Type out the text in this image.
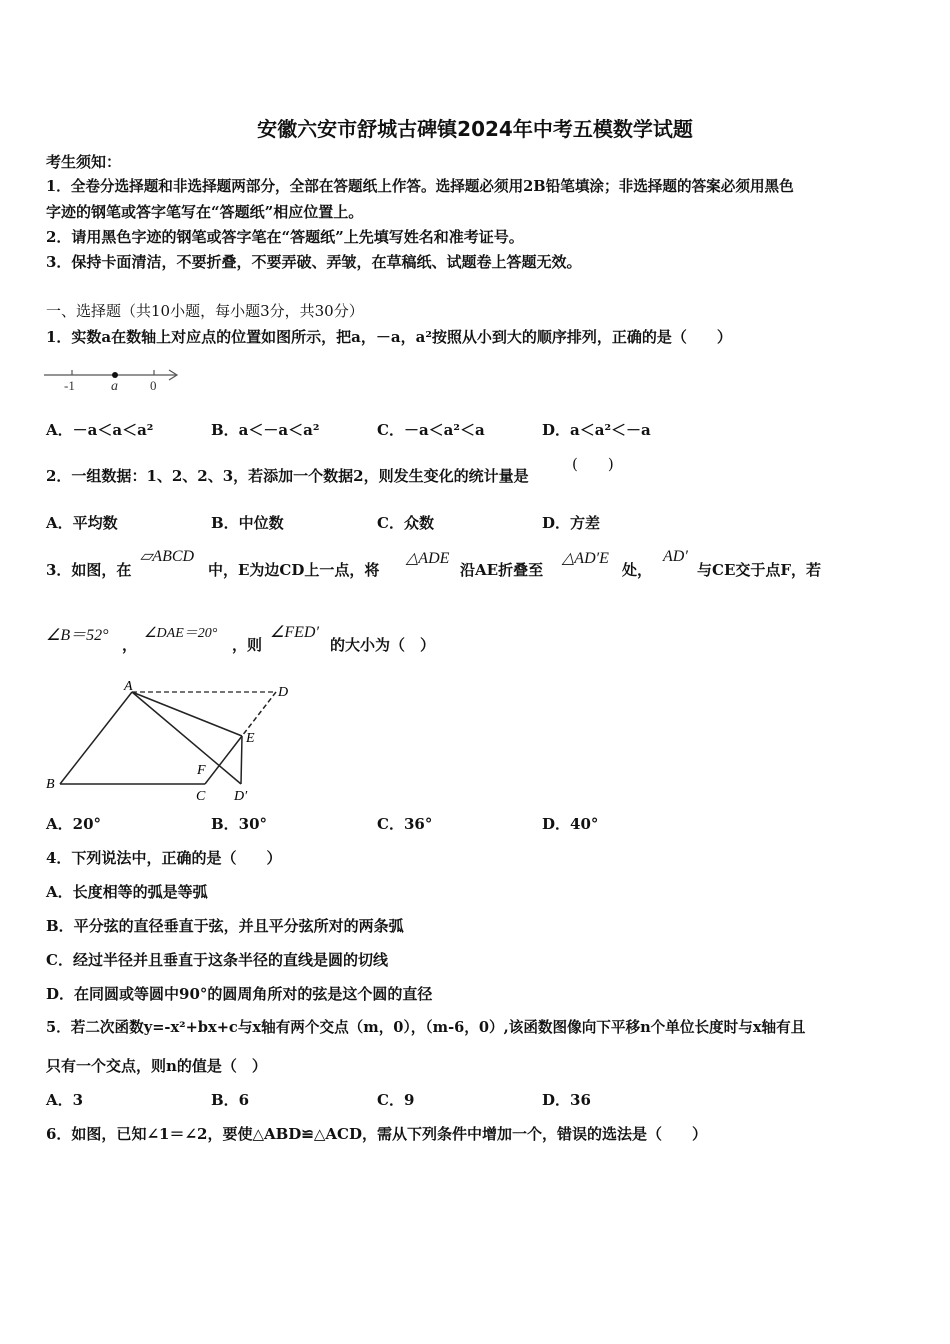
安徽六安市舒城古碑镇2024年中考五模数学试题
考生须知：
1．全卷分选择题和非选择题两部分，全部在答题纸上作答。选择题必须用2B铅笔填涂；非选择题的答案必须用黑色
字迹的钢笔或答字笔写在“答题纸”相应位置上。
2．请用黑色字迹的钢笔或答字笔在“答题纸”上先填写姓名和准考证号。
3．保持卡面清洁，不要折叠，不要弄破、弄皱，在草稿纸、试题卷上答题无效。
一、选择题（共10小题，每小题3分，共30分）
1．实数a在数轴上对应点的位置如图所示，把a，－a，a²按照从小到大的顺序排列，正确的是（　　）
-1	a 0
A．－a＜a＜a²	B．a＜－a＜a²	C．－a＜a²＜a	D．a＜a²＜－a
2．一组数据：1、2、2、3，若添加一个数据2，则发生变化的统计量是
(　　)
A．平均数	B．中位数	C．众数	D．方差
3．如图，在
▱ABCD
中，E为边CD上一点，将
△ADE
沿AE折叠至
△AD′E
处，
AD′
与CE交于点F，若
∠B＝52°
，
∠DAE＝20°
，则
∠FED′
的大小为（　）
A
B
C
D
E
F
D′
A．20°	B．30°	C．36°	D．40°
4．下列说法中，正确的是（　　）
A．长度相等的弧是等弧
B．平分弦的直径垂直于弦，并且平分弦所对的两条弧
C．经过半径并且垂直于这条半径的直线是圆的切线
D．在同圆或等圆中90°的圆周角所对的弦是这个圆的直径
5．若二次函数y=-x²+bx+c与x轴有两个交点（m，0），（m-6，0）,该函数图像向下平移n个单位长度时与x轴有且
只有一个交点，则n的值是（　）
A．3	B．6	C．9	D．36
6．如图，已知∠1＝∠2，要使△ABD≌△ACD，需从下列条件中增加一个，错误的选法是（　　）
